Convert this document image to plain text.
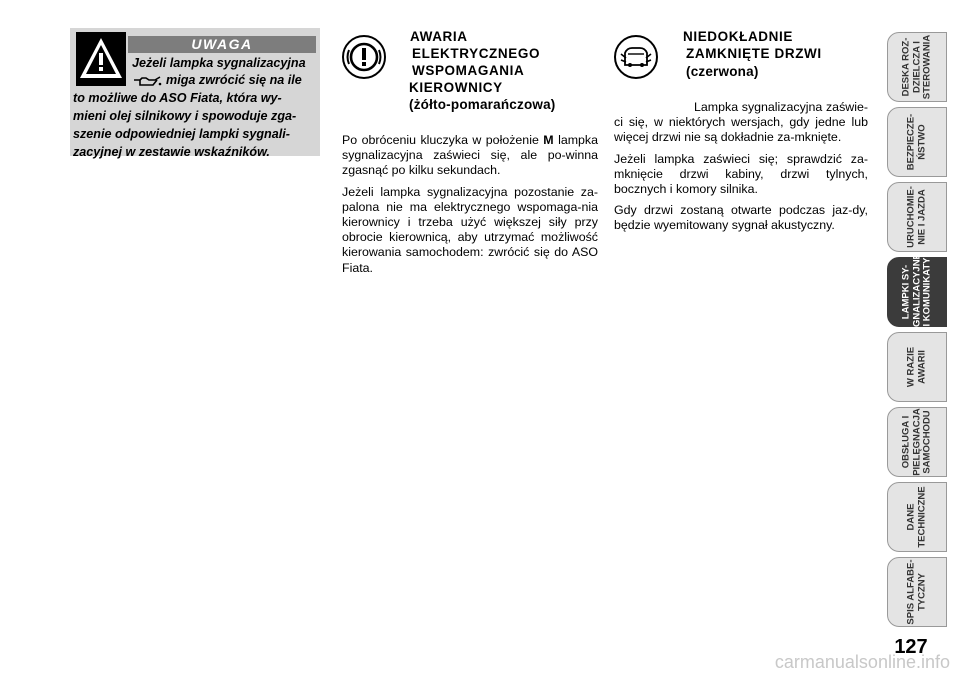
UWAGA
Jeżeli lampka sygnalizacyjna
miga zwrócić się na ile
to możliwe do ASO Fiata, która wy-
mieni olej silnikowy i spowoduje zga-
szenie odpowiedniej lampki sygnali-
zacyjnej w zestawie wskaźników.
AWARIA
ELEKTRYCZNEGO
WSPOMAGANIA
KIEROWNICY
(żółto-pomarańczowa)

Po obróceniu kluczyka w położenie M lampka sygnalizacyjna zaświeci się, ale po-winna zgasnąć po kilku sekundach.

Jeżeli lampka sygnalizacyjna pozostanie za-palona nie ma elektrycznego wspomaga-nia kierownicy i trzeba użyć większej siły przy obrocie kierownicą, aby utrzymać możliwość kierowania samochodem: zwrócić się do ASO Fiata.

NIEDOKŁADNIE
ZAMKNIĘTE DRZWI
(czerwona)

Lampka sygnalizacyjna zaświe-ci się, w niektórych wersjach, gdy jedne lub więcej drzwi nie są dokładnie za-mknięte.

Jeżeli lampka zaświeci się; sprawdzić za-mknięcie drzwi kabiny, drzwi tylnych, bocznych i komory silnika.

Gdy drzwi zostaną otwarte podczas jaz-dy, będzie wyemitowany sygnał akustyczny.

DESKA ROZ-
DZIELCZA I
STEROWANIA
BEZPIECZE-
ŃSTWO
URUCHOMIE-
NIE I JAZDA
LAMPKI SY-
GNALIZACYJNE
I KOMUNIKATY
W RAZIE
AWARII
OBSŁUGA I
PIELĘGNACJA
SAMOCHODU
DANE
TECHNICZNE
SPIS ALFABE-
TYCZNY
127
carmanualsonline.info
